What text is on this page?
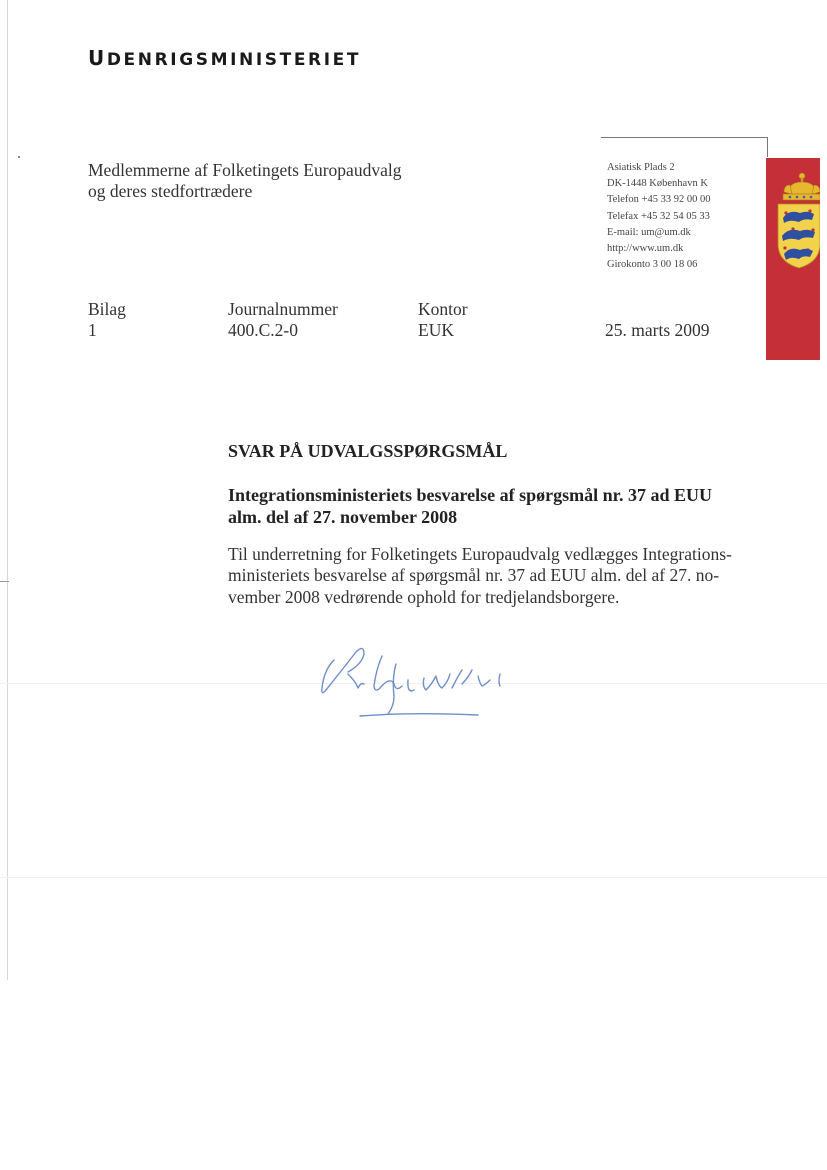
UDENRIGSMINISTERIET
Medlemmerne af Folketingets Europaudvalg
og deres stedfortrædere
Asiatisk Plads 2
DK-1448 København K
Telefon +45 33 92 00 00
Telefax +45 32 54 05 33
E-mail: um@um.dk
http://www.um.dk
Girokonto 3 00 18 06
Bilag
1
Journalnummer
400.C.2-0
Kontor
EUK	25. marts 2009
SVAR PÅ UDVALGSSPØRGSMÅL
Integrationsministeriets besvarelse af spørgsmål nr. 37 ad EUU alm. del af 27. november 2008
Til underretning for Folketingets Europaudvalg vedlægges Integrations-
ministeriets besvarelse af spørgsmål nr. 37 ad EUU alm. del af 27. no-
vember 2008 vedrørende ophold for tredjelandsborgere.
